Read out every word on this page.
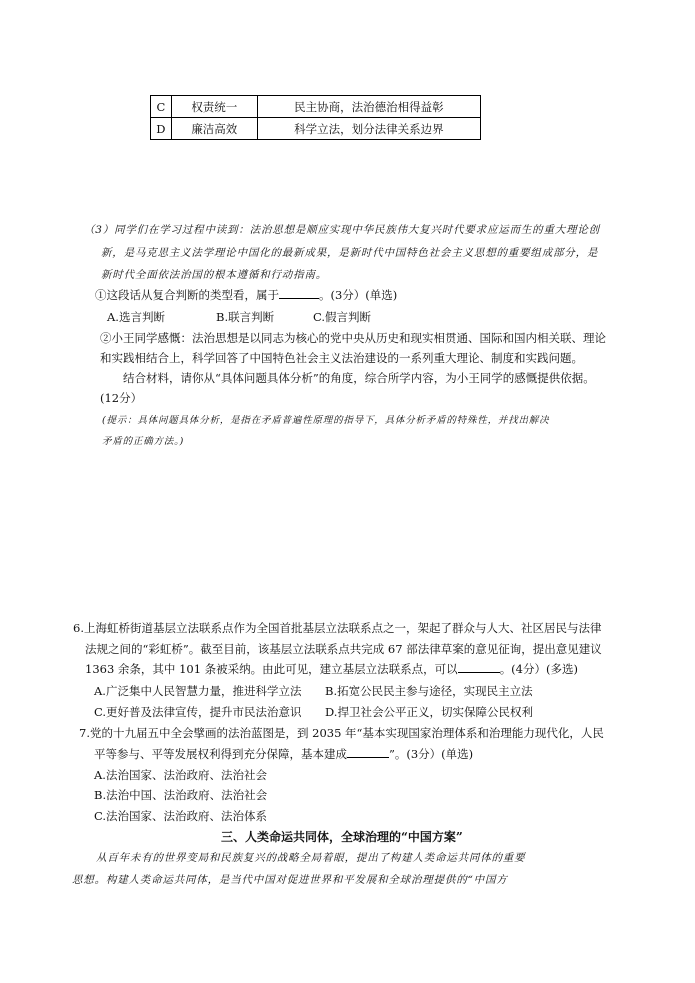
C	权责统一	民主协商，法治德治相得益彰
D	廉洁高效	科学立法，划分法律关系边界
（3）同学们在学习过程中读到：法治思想是顺应实现中华民族伟大复兴时代要求应运而生的重大理论创
新，是马克思主义法学理论中国化的最新成果，是新时代中国特色社会主义思想的重要组成部分，是
新时代全面依法治国的根本遵循和行动指南。
①这段话从复合判断的类型看，属于	。(3分）(单选)
A.选言判断	B.联言判断	C.假言判断
②小王同学感慨：法治思想是以同志为核心的党中央从历史和现实相贯通、国际和国内相关联、理论
和实践相结合上，科学回答了中国特色社会主义法治建设的一系列重大理论、制度和实践问题。
结合材料，请你从“具体问题具体分析”的角度，综合所学内容，为小王同学的感慨提供依据。
(12分）
(提示：具体问题具体分析，是指在矛盾普遍性原理的指导下，具体分析矛盾的特殊性，并找出解决
矛盾的正确方法。)
6.上海虹桥街道基层立法联系点作为全国首批基层立法联系点之一，架起了群众与人大、社区居民与法律
法规之间的“彩虹桥”。截至目前，该基层立法联系点共完成 67 部法律草案的意见征询，提出意见建议
1363 余条，其中 101 条被采纳。由此可见，建立基层立法联系点，可以	。(4分）(多选)
A.广泛集中人民智慧力量，推进科学立法 B.拓宽公民民主参与途径，实现民主立法
C.更好普及法律宣传，提升市民法治意识 D.捍卫社会公平正义，切实保障公民权利
7.党的十九届五中全会擘画的法治蓝图是，到 2035 年“基本实现国家治理体系和治理能力现代化，人民
平等参与、平等发展权利得到充分保障，基本建成	”。(3分）(单选)
A.法治国家、法治政府、法治社会
B.法治中国、法治政府、法治社会
C.法治国家、法治政府、法治体系
三、人类命运共同体，全球治理的“中国方案”
从百年未有的世界变局和民族复兴的战略全局着眼，提出了构建人类命运共同体的重要
思想。构建人类命运共同体，是当代中国对促进世界和平发展和全球治理提供的“中国方
